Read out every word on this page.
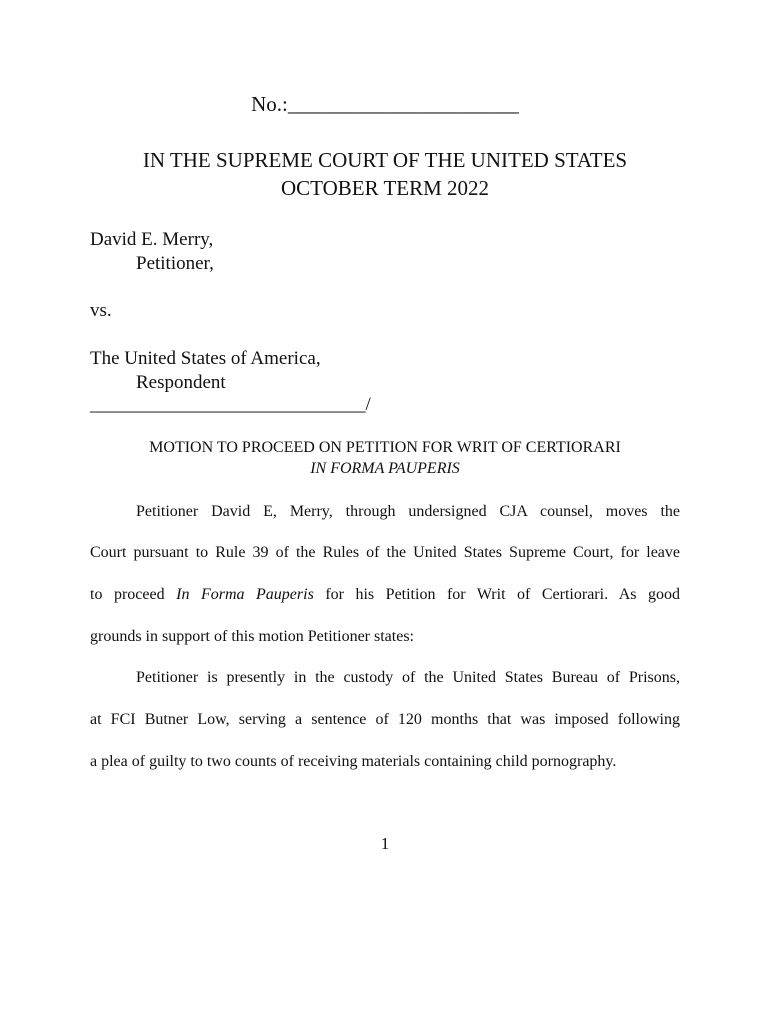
No.:______________________
IN THE SUPREME COURT OF THE UNITED STATES
OCTOBER TERM 2022
David E. Merry,
Petitioner,
vs.
The United States of America,
Respondent
_____________________________/
MOTION TO PROCEED ON PETITION FOR WRIT OF CERTIORARI
IN FORMA PAUPERIS
Petitioner David E, Merry, through undersigned CJA counsel, moves the
Court pursuant to Rule 39 of the Rules of the United States Supreme Court, for leave
to proceed In Forma Pauperis for his Petition for Writ of Certiorari. As good
grounds in support of this motion Petitioner states:
Petitioner is presently in the custody of the United States Bureau of Prisons,
at FCI Butner Low, serving a sentence of 120 months that was imposed following
a plea of guilty to two counts of receiving materials containing child pornography.
1
